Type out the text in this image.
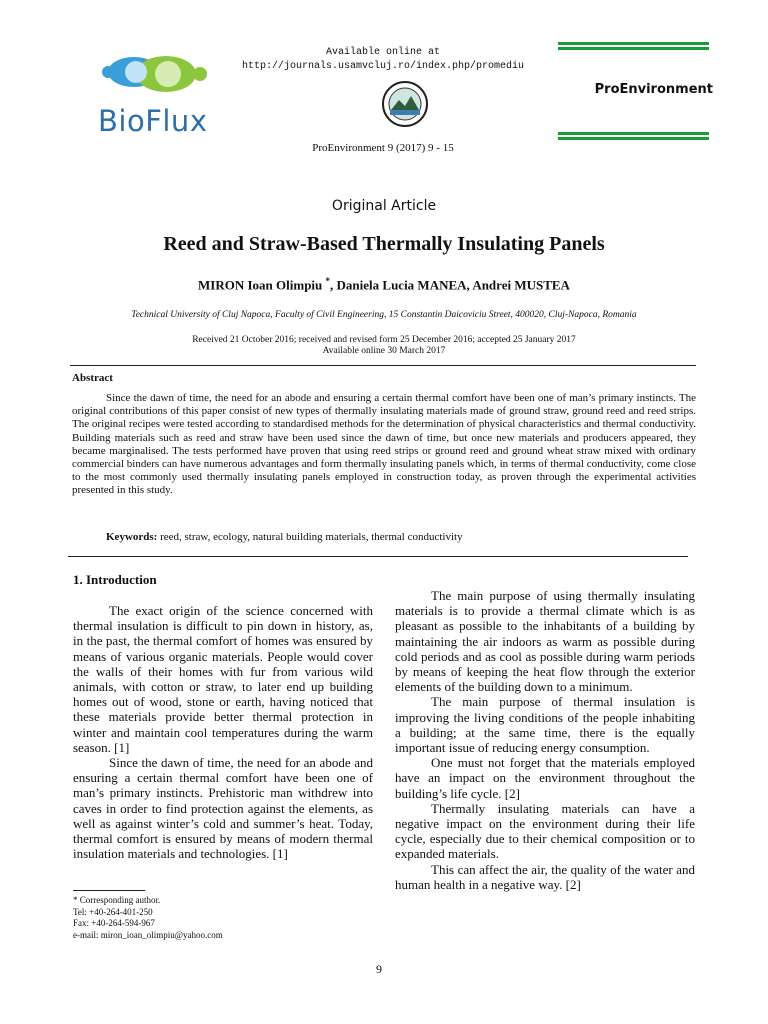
BioFlux
Available online at
http://journals.usamvcluj.ro/index.php/promediu
ProEnvironment
ProEnvironment 9 (2017) 9 - 15
Original Article
Reed and Straw-Based Thermally Insulating Panels
MIRON Ioan Olimpiu *, Daniela Lucia MANEA, Andrei MUSTEA
Technical University of Cluj Napoca, Faculty of Civil Engineering, 15 Constantin Daicoviciu Street, 400020, Cluj-Napoca, Romania
Received 21 October 2016; received and revised form 25 December 2016; accepted 25 January 2017
Available online 30 March 2017
Abstract
Since the dawn of time, the need for an abode and ensuring a certain thermal comfort have been one of man’s primary instincts. The original contributions of this paper consist of new types of thermally insulating materials made of ground straw, ground reed and reed strips. The original recipes were tested according to standardised methods for the determination of physical characteristics and thermal conductivity. Building materials such as reed and straw have been used since the dawn of time, but once new materials and producers appeared, they became marginalised. The tests performed have proven that using reed strips or ground reed and ground wheat straw mixed with ordinary commercial binders can have numerous advantages and form thermally insulating panels which, in terms of thermal conductivity, come close to the most commonly used thermally insulating panels employed in construction today, as proven through the experimental activities presented in this study.
Keywords: reed, straw, ecology, natural building materials, thermal conductivity
1. Introduction

The exact origin of the science concerned with thermal insulation is difficult to pin down in history, as, in the past, the thermal comfort of homes was ensured by means of various organic materials. People would cover the walls of their homes with fur from various wild animals, with cotton or straw, to later end up building homes out of wood, stone or earth, having noticed that these materials provide better thermal protection in winter and maintain cool temperatures during the warm season. [1]

Since the dawn of time, the need for an abode and ensuring a certain thermal comfort have been one of man’s primary instincts. Prehistoric man withdrew into caves in order to find protection against the elements, as well as against winter’s cold and summer’s heat. Today, thermal comfort is ensured by means of modern thermal insulation materials and technologies. [1]

The main purpose of using thermally insulating materials is to provide a thermal climate which is as pleasant as possible to the inhabitants of a building by maintaining the air indoors as warm as possible during cold periods and as cool as possible during warm periods by means of keeping the heat flow through the exterior elements of the building down to a minimum.

The main purpose of thermal insulation is improving the living conditions of the people inhabiting a building; at the same time, there is the equally important issue of reducing energy consumption.

One must not forget that the materials employed have an impact on the environment throughout the building’s life cycle. [2]

Thermally insulating materials can have a negative impact on the environment during their life cycle, especially due to their chemical composition or to expanded materials.

This can affect the air, the quality of the water and human health in a negative way. [2]

* Corresponding author.
Tel: +40-264-401-250
Fax: +40-264-594-967
e-mail: miron_ioan_olimpiu@yahoo.com
9
